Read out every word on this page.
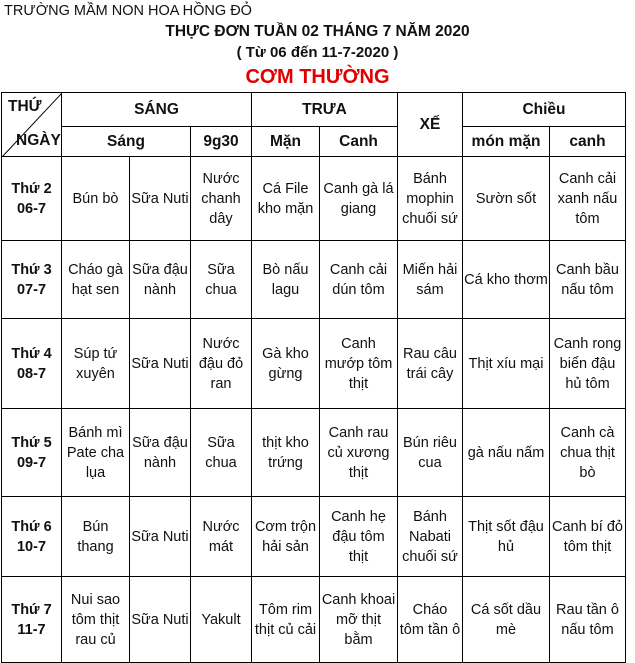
TRƯỜNG MẦM NON HOA HỒNG ĐỎ
THỰC ĐƠN TUẦN 02 THÁNG 7 NĂM 2020
( Từ 06 đến 11-7-2020 )
CƠM THƯỜNG
THỨ
NGÀY	SÁNG			TRƯA		XẾ	Chiều	
	Sáng		9g30	Mặn	Canh		món mặn	canh

Thứ 2
06-7	Bún bò	Sữa Nuti	Nước chanh dây	Cá File kho mặn	Canh gà lá giang	Bánh mophin chuối sứ	Sườn sốt	Canh cải xanh nấu tôm

Thứ 3
07-7	Cháo gà hạt sen	Sữa đậu nành	Sữa chua	Bò nấu lagu	Canh cải dún tôm	Miến hải sám	Cá kho thơm	Canh bầu nấu tôm

Thứ 4
08-7	Súp tứ xuyên	Sữa Nuti	Nước đậu đỏ ran	Gà kho gừng	Canh mướp tôm thịt	Rau câu trái cây	Thịt xíu mại	Canh rong biển đậu hủ tôm

Thứ 5
09-7	Bánh mì Pate cha lụa	Sữa đậu nành	Sữa chua	thịt kho trứng	Canh rau củ xương thịt	Bún riêu cua	gà nấu nấm	Canh cà chua thịt bò

Thứ 6
10-7	Bún thang	Sữa Nuti	Nước mát	Cơm trộn hải sản	Canh hẹ đậu tôm thịt	Bánh Nabati chuối sứ	Thịt sốt đậu hủ	Canh bí đỏ tôm thịt

Thứ 7
11-7	Nui sao tôm thịt rau củ	Sữa Nuti	Yakult	Tôm rim thịt củ cải	Canh khoai mỡ thịt bằm	Cháo tôm tần ô	Cá sốt dầu mè	Rau tần ô nấu tôm
